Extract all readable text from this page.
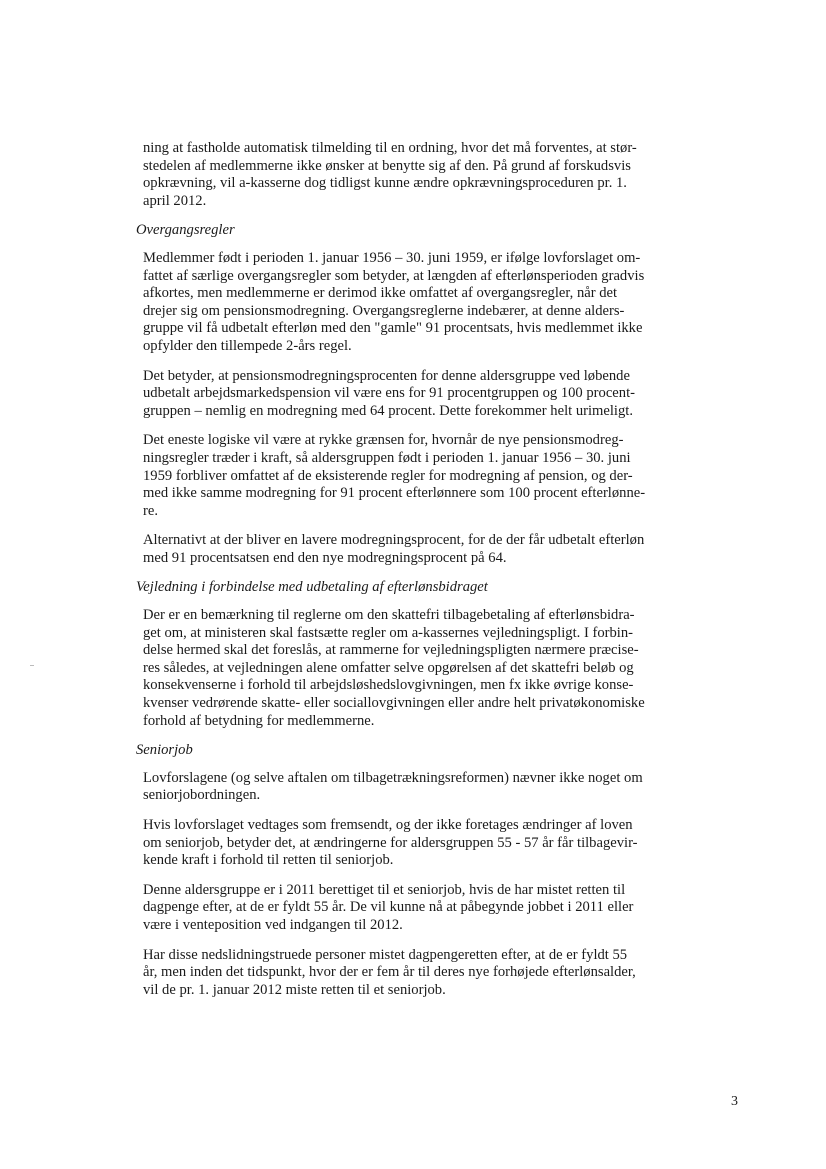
ning at fastholde automatisk tilmelding til en ordning, hvor det må forventes, at stør-
stedelen af medlemmerne ikke ønsker at benytte sig af den. På grund af forskudsvis
opkrævning, vil a-kasserne dog tidligst kunne ændre opkrævningsproceduren pr. 1.
april 2012.

Overgangsregler

Medlemmer født i perioden 1. januar 1956 – 30. juni 1959, er ifølge lovforslaget om-
fattet af særlige overgangsregler som betyder, at længden af efterlønsperioden gradvis
afkortes, men medlemmerne er derimod ikke omfattet af overgangsregler, når det
drejer sig om pensionsmodregning. Overgangsreglerne indebærer, at denne alders-
gruppe vil få udbetalt efterløn med den "gamle" 91 procentsats, hvis medlemmet ikke
opfylder den tillempede 2-års regel.

Det betyder, at pensionsmodregningsprocenten for denne aldersgruppe ved løbende
udbetalt arbejdsmarkedspension vil være ens for 91 procentgruppen og 100 procent-
gruppen – nemlig en modregning med 64 procent. Dette forekommer helt urimeligt.

Det eneste logiske vil være at rykke grænsen for, hvornår de nye pensionsmodreg-
ningsregler træder i kraft, så aldersgruppen født i perioden 1. januar 1956 – 30. juni
1959 forbliver omfattet af de eksisterende regler for modregning af pension, og der-
med ikke samme modregning for 91 procent efterlønnere som 100 procent efterlønne-
re.

Alternativt at der bliver en lavere modregningsprocent, for de der får udbetalt efterløn
med 91 procentsatsen end den nye modregningsprocent på 64.

Vejledning i forbindelse med udbetaling af efterlønsbidraget

Der er en bemærkning til reglerne om den skattefri tilbagebetaling af efterlønsbidra-
get om, at ministeren skal fastsætte regler om a-kassernes vejledningspligt. I forbin-
delse hermed skal det foreslås, at rammerne for vejledningspligten nærmere præcise-
res således, at vejledningen alene omfatter selve opgørelsen af det skattefri beløb og
konsekvenserne i forhold til arbejdsløshedslovgivningen, men fx ikke øvrige konse-
kvenser vedrørende skatte- eller sociallovgivningen eller andre helt privatøkonomiske
forhold af betydning for medlemmerne.

Seniorjob

Lovforslagene (og selve aftalen om tilbagetrækningsreformen) nævner ikke noget om
seniorjobordningen.

Hvis lovforslaget vedtages som fremsendt, og der ikke foretages ændringer af loven
om seniorjob, betyder det, at ændringerne for aldersgruppen 55 - 57 år får tilbagevir-
kende kraft i forhold til retten til seniorjob.

Denne aldersgruppe er i 2011 berettiget til et seniorjob, hvis de har mistet retten til
dagpenge efter, at de er fyldt 55 år. De vil kunne nå at påbegynde jobbet i 2011 eller
være i venteposition ved indgangen til 2012.

Har disse nedslidningstruede personer mistet dagpengeretten efter, at de er fyldt 55
år, men inden det tidspunkt, hvor der er fem år til deres nye forhøjede efterlønsalder,
vil de pr. 1. januar 2012 miste retten til et seniorjob.

3
